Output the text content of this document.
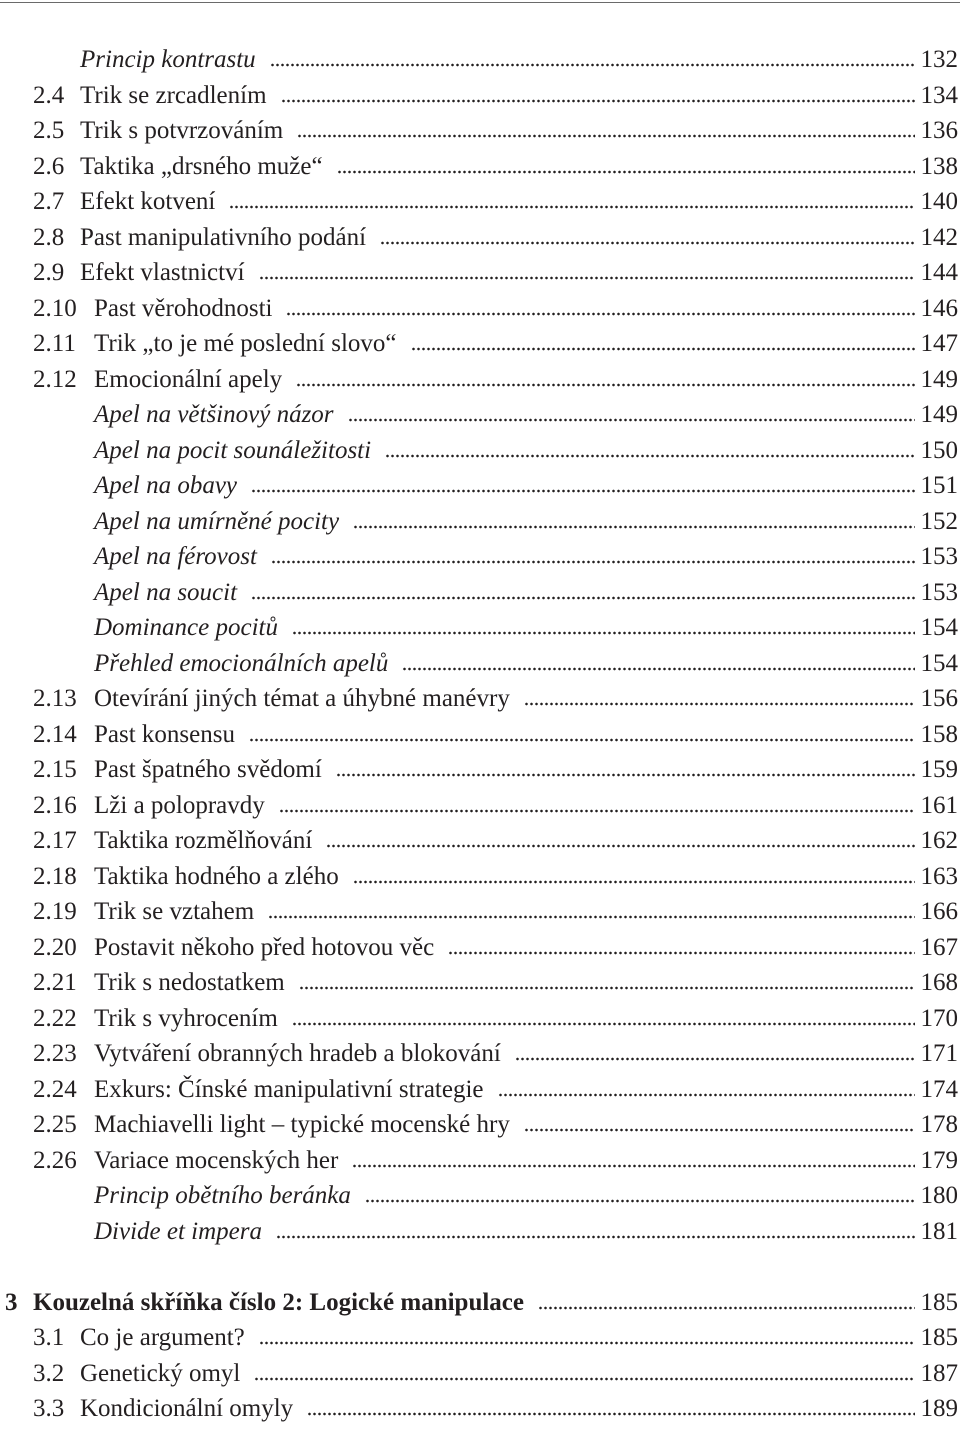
Princip kontrastu	132
2.4 Trik se zrcadlením	134
2.5 Trik s potvrzováním	136
2.6 Taktika „drsného muže“	138
2.7 Efekt kotvení	140
2.8 Past manipulativního podání	142
2.9 Efekt vlastnictví	144
2.10 Past věrohodnosti	146
2.11 Trik „to je mé poslední slovo“	147
2.12 Emocionální apely	149
Apel na většinový názor	149
Apel na pocit sounáležitosti	150
Apel na obavy	151
Apel na umírněné pocity	152
Apel na férovost	153
Apel na soucit	153
Dominance pocitů	154
Přehled emocionálních apelů	154
2.13 Otevírání jiných témat a úhybné manévry	156
2.14 Past konsensu	158
2.15 Past špatného svědomí	159
2.16 Lži a polopravdy	161
2.17 Taktika rozmělňování	162
2.18 Taktika hodného a zlého	163
2.19 Trik se vztahem	166
2.20 Postavit někoho před hotovou věc	167
2.21 Trik s nedostatkem	168
2.22 Trik s vyhrocením	170
2.23 Vytváření obranných hradeb a blokování	171
2.24 Exkurs: Čínské manipulativní strategie	174
2.25 Machiavelli light – typické mocenské hry	178
2.26 Variace mocenských her	179
Princip obětního beránka	180
Divide et impera	181
3 Kouzelná skříňka číslo 2: Logické manipulace	185
3.1 Co je argument?	185
3.2 Genetický omyl	187
3.3 Kondicionální omyly	189
